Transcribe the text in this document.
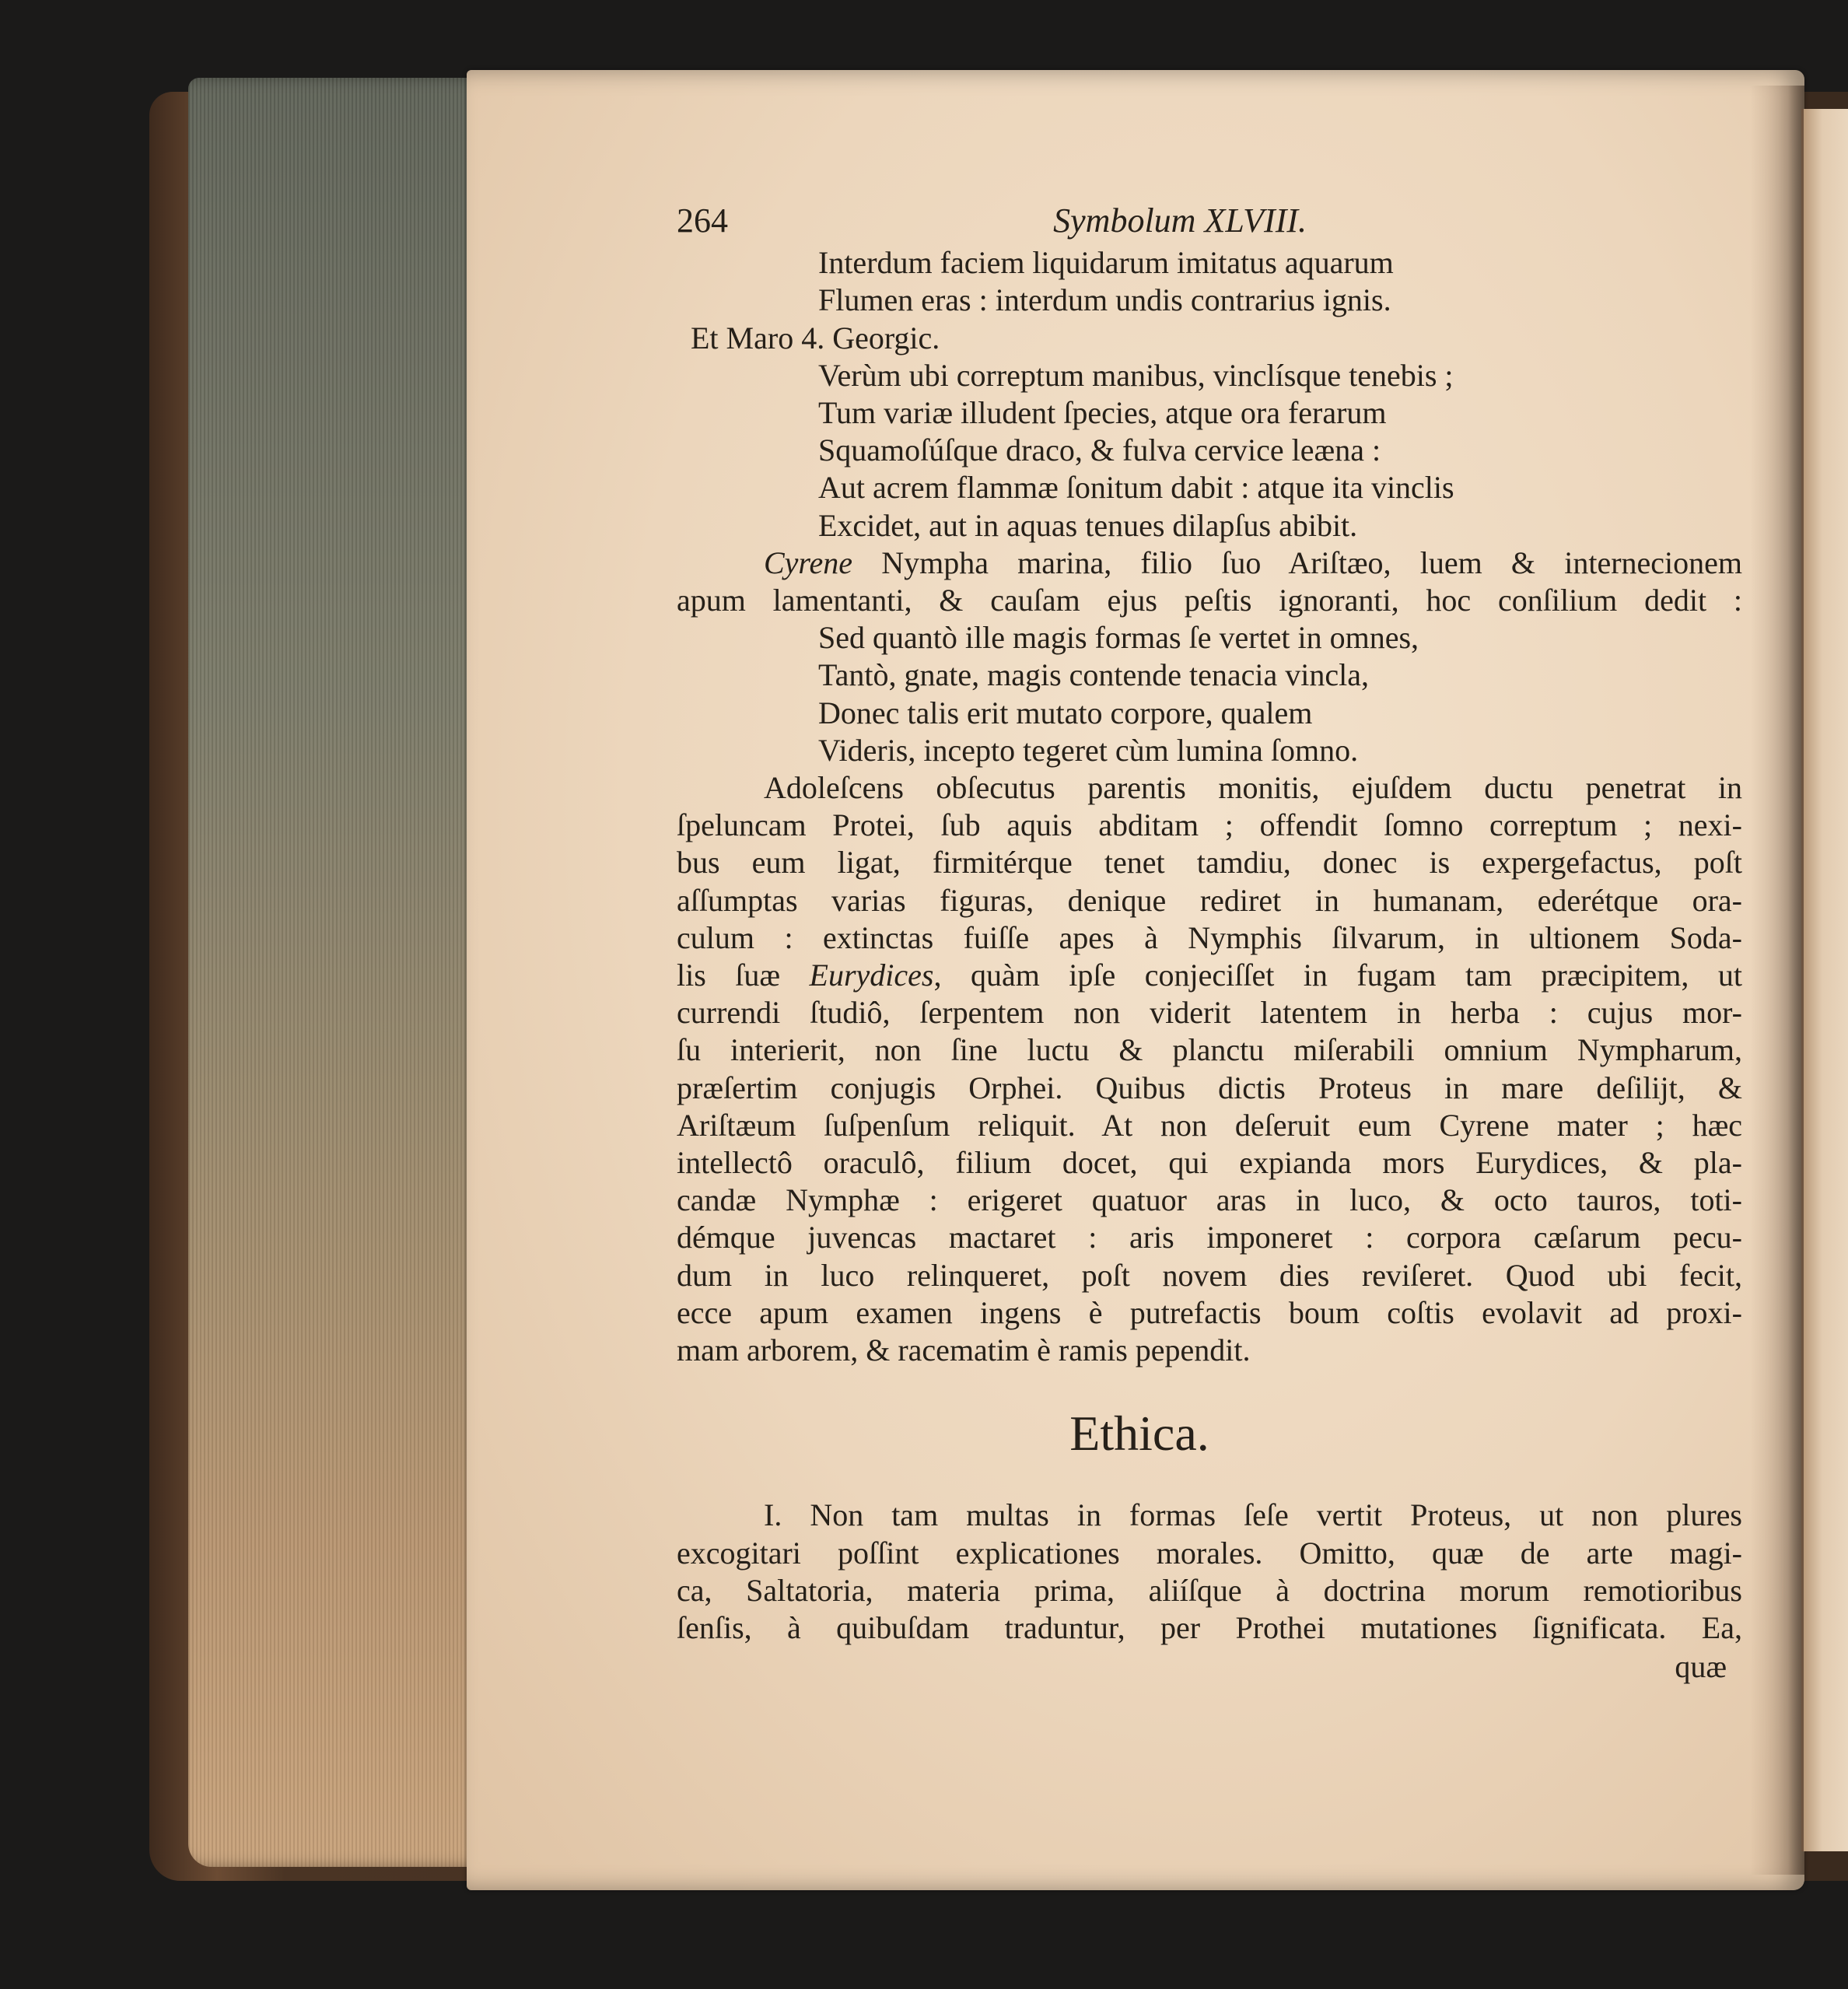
264	Symbolum XLVIII.
Interdum faciem liquidarum imitatus aquarum
Flumen eras : interdum undis contrarius ignis.
Et Maro 4. Georgic.
Verùm ubi correptum manibus, vinclísque tenebis ;
Tum variæ illudent ſpecies, atque ora ferarum
Squamoſúſque draco, & fulva cervice leæna :
Aut acrem flammæ ſonitum dabit : atque ita vinclis
Excidet, aut in aquas tenues dilapſus abibit.
Cyrene Nympha marina, filio ſuo Ariſtæo, luem & internecionem
apum lamentanti, & cauſam ejus peſtis ignoranti, hoc conſilium dedit :
Sed quantò ille magis formas ſe vertet in omnes,
Tantò, gnate, magis contende tenacia vincla,
Donec talis erit mutato corpore, qualem
Videris, incepto tegeret cùm lumina ſomno.
Adoleſcens obſecutus parentis monitis, ejuſdem ductu penetrat in
ſpeluncam Protei, ſub aquis abditam ; offendit ſomno correptum ; nexi-
bus eum ligat, firmitérque tenet tamdiu, donec is expergefactus, poſt
aſſumptas varias figuras, denique rediret in humanam, ederétque ora-
culum : extinctas fuiſſe apes à Nymphis ſilvarum, in ultionem Soda-
lis ſuæ Eurydices, quàm ipſe conjeciſſet in fugam tam præcipitem, ut
currendi ſtudiô, ſerpentem non viderit latentem in herba : cujus mor-
ſu interierit, non ſine luctu & planctu miſerabili omnium Nympharum,
præſertim conjugis Orphei. Quibus dictis Proteus in mare deſilijt, &
Ariſtæum ſuſpenſum reliquit. At non deſeruit eum Cyrene mater ; hæc
intellectô oraculô, filium docet, qui expianda mors Eurydices, & pla-
candæ Nymphæ : erigeret quatuor aras in luco, & octo tauros, toti-
démque juvencas mactaret : aris imponeret : corpora cæſarum pecu-
dum in luco relinqueret, poſt novem dies reviſeret. Quod ubi fecit,
ecce apum examen ingens è putrefactis boum coſtis evolavit ad proxi-
mam arborem, & racematim è ramis pependit.
Ethica.
I. Non tam multas in formas ſeſe vertit Proteus, ut non plures
excogitari poſſint explicationes morales. Omitto, quæ de arte magi-
ca, Saltatoria, materia prima, aliíſque à doctrina morum remotioribus
ſenſis, à quibuſdam traduntur, per Prothei mutationes ſignificata. Ea,
quæ
